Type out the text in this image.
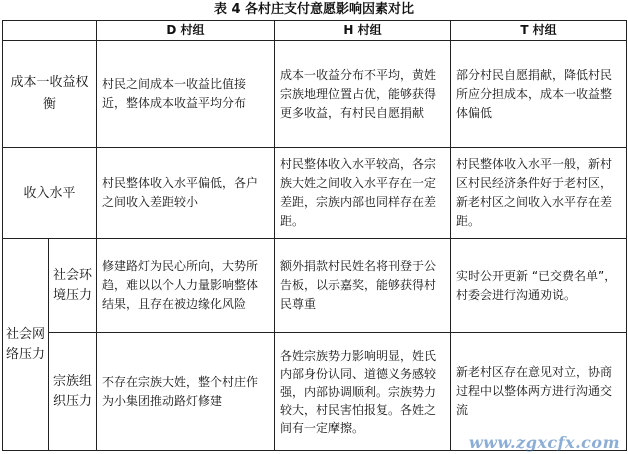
表 4 各村庄支付意愿影响因素对比
		D 村组	H 村组	T 村组
成本一收益权衡		村民之间成本一收益比值接近，整体成本收益平均分布	成本一收益分布不平均，黄姓宗族地理位置占优，能够获得更多收益，有村民自愿捐献	部分村民自愿捐献，降低村民所应分担成本，成本一收益整体偏低
收入水平		村民整体收入水平偏低，各户之间收入差距较小	村民整体收入水平较高，各宗族大姓之间收入水平存在一定差距，宗族内部也同样存在差距。	村民整体收入水平一般，新村区村民经济条件好于老村区，新老村区之间收入水平存在差距。
社会网络压力	社会环境压力	修建路灯为民心所向，大势所趋，难以以个人力量影响整体结果，且存在被边缘化风险	额外捐款村民姓名将刊登于公告板，以示嘉奖，能够获得村民尊重	实时公开更新 “已交费名单”，村委会进行沟通劝说。
	宗族组织压力	不存在宗族大姓，整个村庄作为小集团推动路灯修建	各姓宗族势力影响明显，姓氏内部身份认同、道德义务感较强，内部协调顺利。宗族势力较大，村民害怕报复。各姓之间有一定摩擦。	新老村区存在意见对立，协商过程中以整体两方进行沟通交流
www.zgxcfx.com
